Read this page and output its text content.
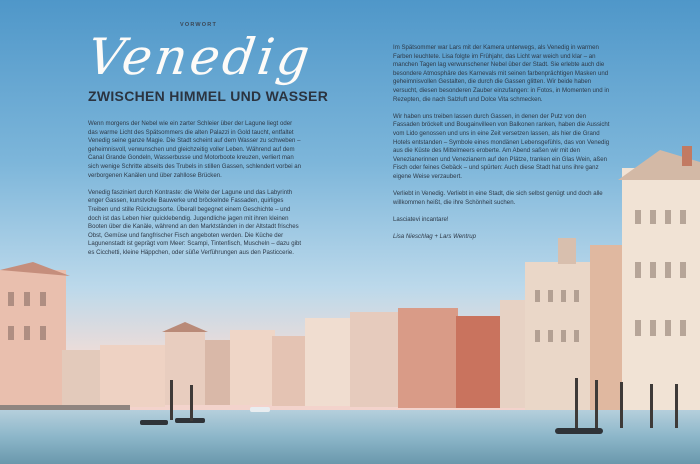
VORWORT
Venedig
ZWISCHEN HIMMEL UND WASSER

Wenn morgens der Nebel wie ein zarter Schleier über der Lagune liegt oder das warme Licht des Spätsommers die alten Palazzi in Gold taucht, entfaltet Venedig seine ganze Magie. Die Stadt scheint auf dem Wasser zu schweben – geheimnisvoll, verwunschen und gleichzeitig voller Leben. Während auf dem Canal Grande Gondeln, Wasserbusse und Motorboote kreuzen, verliert man sich wenige Schritte abseits des Trubels in stillen Gassen, schlendert vorbei an verborgenen Kanälen und über zahllose Brücken.

Venedig fasziniert durch Kontraste: die Weite der Lagune und das Labyrinth enger Gassen, kunstvolle Bauwerke und bröckelnde Fassaden, quirliges Treiben und stille Rückzugsorte. Überall begegnet einem Geschichte – und doch ist das Leben hier quicklebendig. Jugendliche jagen mit ihren kleinen Booten über die Kanäle, während an den Marktständen in der Altstadt frisches Obst, Gemüse und fangfrischer Fisch angeboten werden. Die Küche der Lagunenstadt ist geprägt vom Meer: Scampi, Tintenfisch, Muscheln – dazu gibt es Cicchetti, kleine Häppchen, oder süße Verführungen aus den Pasticcerie.

Im Spätsommer war Lars mit der Kamera unterwegs, als Venedig in warmen Farben leuchtete. Lisa folgte im Frühjahr, das Licht war weich und klar – an manchen Tagen lag verwunschener Nebel über der Stadt. Sie erlebte auch die besondere Atmosphäre des Karnevals mit seinen farbenprächtigen Masken und geheimnisvollen Gestalten, die durch die Gassen glitten. Wir beide haben versucht, diesen besonderen Zauber einzufangen: in Fotos, in Momenten und in Rezepten, die nach Salzluft und Dolce Vita schmecken.

Wir haben uns treiben lassen durch Gassen, in denen der Putz von den Fassaden bröckelt und Bougainvilleen von Balkonen ranken, haben die Aussicht vom Lido genossen und uns in eine Zeit versetzen lassen, als hier die Grand Hotels entstanden – Symbole eines mondänen Lebensgefühls, das von Venedig aus die Küste des Mittelmeers eroberte. Am Abend saßen wir mit den Venezianerinnen und Venezianern auf den Plätze, tranken ein Glas Wein, aßen Fisch oder feines Gebäck – und spürten: Auch diese Stadt hat uns ihre ganz eigene Weise verzaubert.

Verliebt in Venedig. Verliebt in eine Stadt, die sich selbst genügt und doch alle willkommen heißt, die ihre Schönheit suchen.

Lasciatevi incantare!

Lisa Nieschlag + Lars Wentrup
